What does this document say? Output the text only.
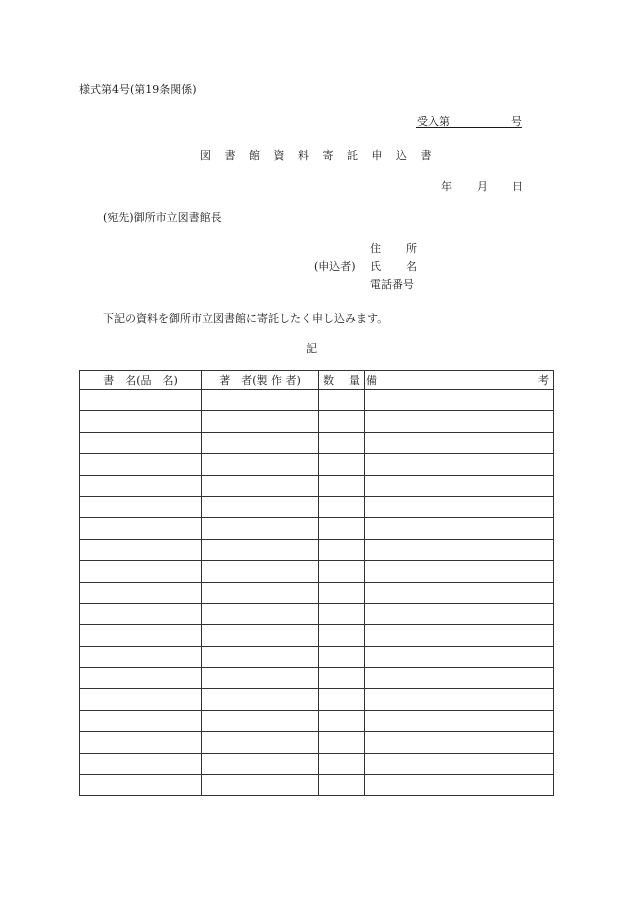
様式第4号(第19条関係)
受入第	号
図書館資料寄託申込書
年 月 日
(宛先)御所市立図書館長
(申込者)
住 所
氏 名
電話番号
下記の資料を御所市立図書館に寄託したく申し込みます。
記
書　名(品　名)	著　者(製 作 者)	数 量	備 考
